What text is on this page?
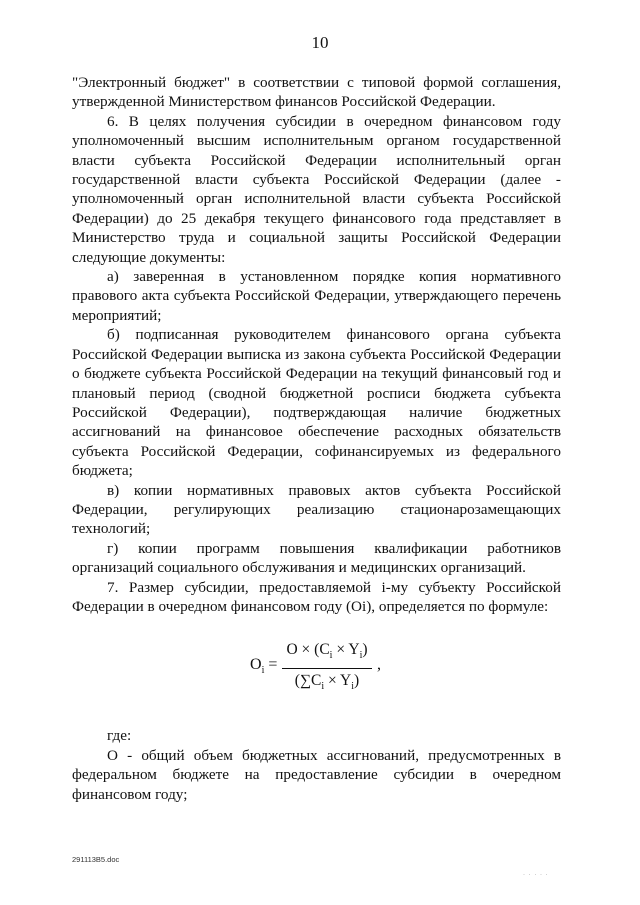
10

"Электронный бюджет" в соответствии с типовой формой соглашения, утвержденной Министерством финансов Российской Федерации.

6. В целях получения субсидии в очередном финансовом году уполномоченный высшим исполнительным органом государственной власти субъекта Российской Федерации исполнительный орган государственной власти субъекта Российской Федерации (далее - уполномоченный орган исполнительной власти субъекта Российской Федерации) до 25 декабря текущего финансового года представляет в Министерство труда и социальной защиты Российской Федерации следующие документы:

а) заверенная в установленном порядке копия нормативного правового акта субъекта Российской Федерации, утверждающего перечень мероприятий;

б) подписанная руководителем финансового органа субъекта Российской Федерации выписка из закона субъекта Российской Федерации о бюджете субъекта Российской Федерации на текущий финансовый год и плановый период (сводной бюджетной росписи бюджета субъекта Российской Федерации), подтверждающая наличие бюджетных ассигнований на финансовое обеспечение расходных обязательств субъекта Российской Федерации, софинансируемых из федерального бюджета;

в) копии нормативных правовых актов субъекта Российской Федерации, регулирующих реализацию стационарозамещающих технологий;

г) копии программ повышения квалификации работников организаций социального обслуживания и медицинских организаций.

7. Размер субсидии, предоставляемой i-му субъекту Российской Федерации в очередном финансовом году (Oi), определяется по формуле:

$O_i = \frac{O \times (C_i \times Y_i)}{(\sum C_i \times Y_i)}$ ,

где:

О - общий объем бюджетных ассигнований, предусмотренных в федеральном бюджете на предоставление субсидии в очередном финансовом году;

291113B5.doc
· · · · ·
